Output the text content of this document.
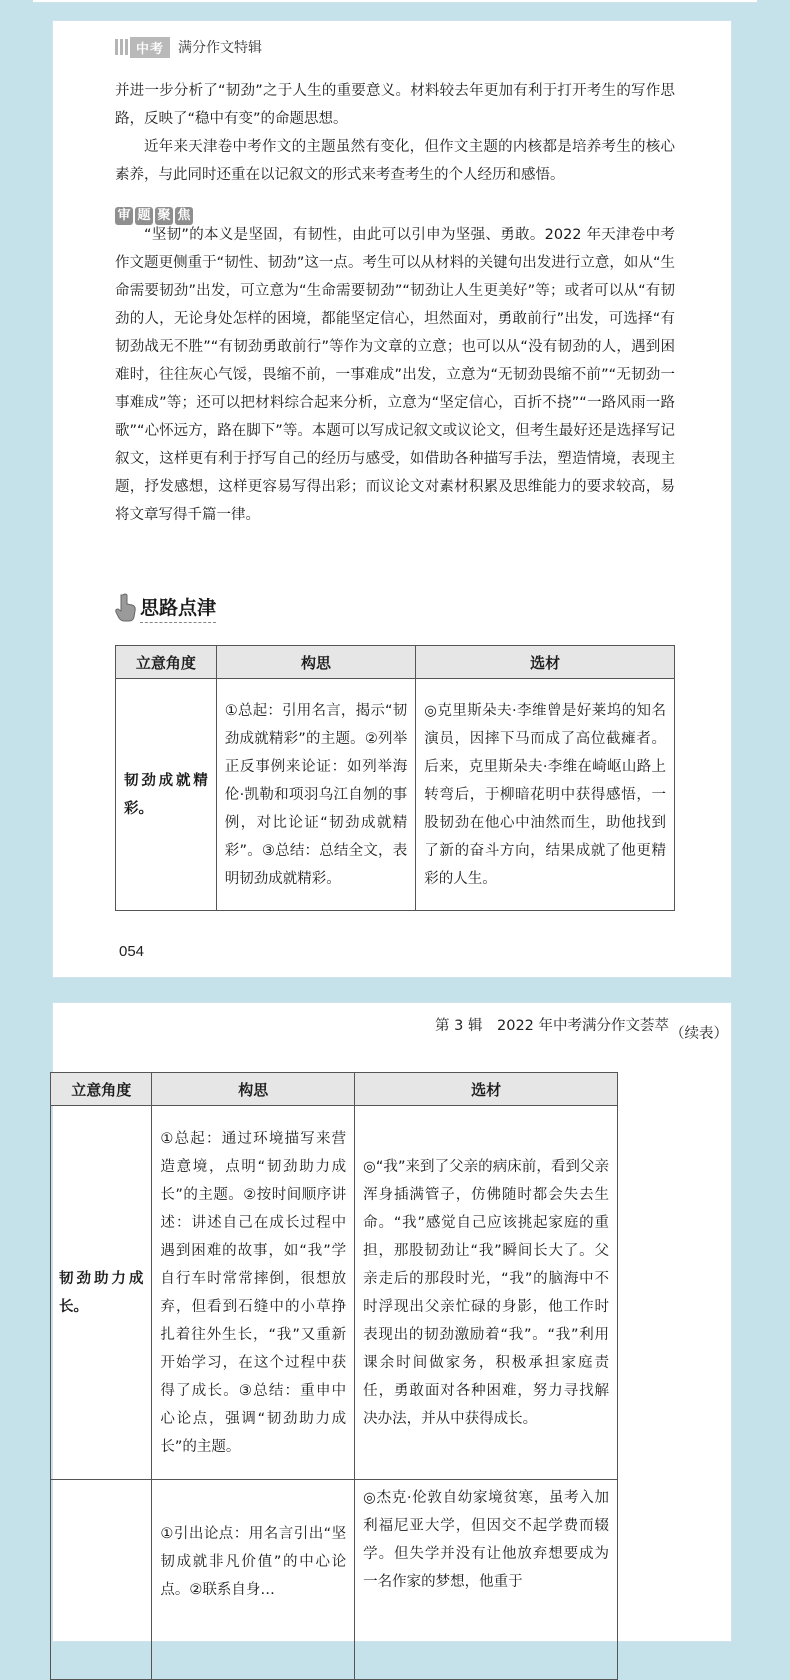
中考	满分作文特辑

并进一步分析了“韧劲”之于人生的重要意义。材料较去年更加有利于打开考生的写作思路，反映了“稳中有变”的命题思想。

近年来天津卷中考作文的主题虽然有变化，但作文主题的内核都是培养考生的核心素养，与此同时还重在以记叙文的形式来考查考生的个人经历和感悟。

审 题 聚 焦

“坚韧”的本义是坚固，有韧性，由此可以引申为坚强、勇敢。2022 年天津卷中考作文题更侧重于“韧性、韧劲”这一点。考生可以从材料的关键句出发进行立意，如从“生命需要韧劲”出发，可立意为“生命需要韧劲”“韧劲让人生更美好”等；或者可以从“有韧劲的人，无论身处怎样的困境，都能坚定信心，坦然面对，勇敢前行”出发，可选择“有韧劲战无不胜”“有韧劲勇敢前行”等作为文章的立意；也可以从“没有韧劲的人，遇到困难时，往往灰心气馁，畏缩不前，一事难成”出发，立意为“无韧劲畏缩不前”“无韧劲一事难成”等；还可以把材料综合起来分析，立意为“坚定信心，百折不挠”“一路风雨一路歌”“心怀远方，路在脚下”等。本题可以写成记叙文或议论文，但考生最好还是选择写记叙文，这样更有利于抒写自己的经历与感受，如借助各种描写手法，塑造情境，表现主题，抒发感想，这样更容易写得出彩；而议论文对素材积累及思维能力的要求较高，易将文章写得千篇一律。

思路点津
立意角度	构思	选材
韧劲成就精彩。	①总起：引用名言，揭示“韧劲成就精彩”的主题。②列举正反事例来论证：如列举海伦·凯勒和项羽乌江自刎的事例，对比论证“韧劲成就精彩”。③总结：总结全文，表明韧劲成就精彩。	◎克里斯朵夫·李维曾是好莱坞的知名演员，因摔下马而成了高位截瘫者。后来，克里斯朵夫·李维在崎岖山路上转弯后，于柳暗花明中获得感悟，一股韧劲在他心中油然而生，助他找到了新的奋斗方向，结果成就了他更精彩的人生。
054
第 3 辑　2022 年中考满分作文荟萃 （续表）
立意角度	构思	选材
韧劲助力成长。	①总起：通过环境描写来营造意境，点明“韧劲助力成长”的主题。②按时间顺序讲述：讲述自己在成长过程中遇到困难的故事，如“我”学自行车时常常摔倒，很想放弃，但看到石缝中的小草挣扎着往外生长，“我”又重新开始学习，在这个过程中获得了成长。③总结：重申中心论点，强调“韧劲助力成长”的主题。	◎“我”来到了父亲的病床前，看到父亲浑身插满管子，仿佛随时都会失去生命。“我”感觉自己应该挑起家庭的重担，那股韧劲让“我”瞬间长大了。父亲走后的那段时光，“我”的脑海中不时浮现出父亲忙碌的身影，他工作时表现出的韧劲激励着“我”。“我”利用课余时间做家务，积极承担家庭责任，勇敢面对各种困难，努力寻找解决办法，并从中获得成长。
	①引出论点：用名言引出“坚韧成就非凡价值”的中心论点。②联系自身…	◎杰克·伦敦自幼家境贫寒，虽考入加利福尼亚大学，但因交不起学费而辍学。但失学并没有让他放弃想要成为一名作家的梦想，他重于
